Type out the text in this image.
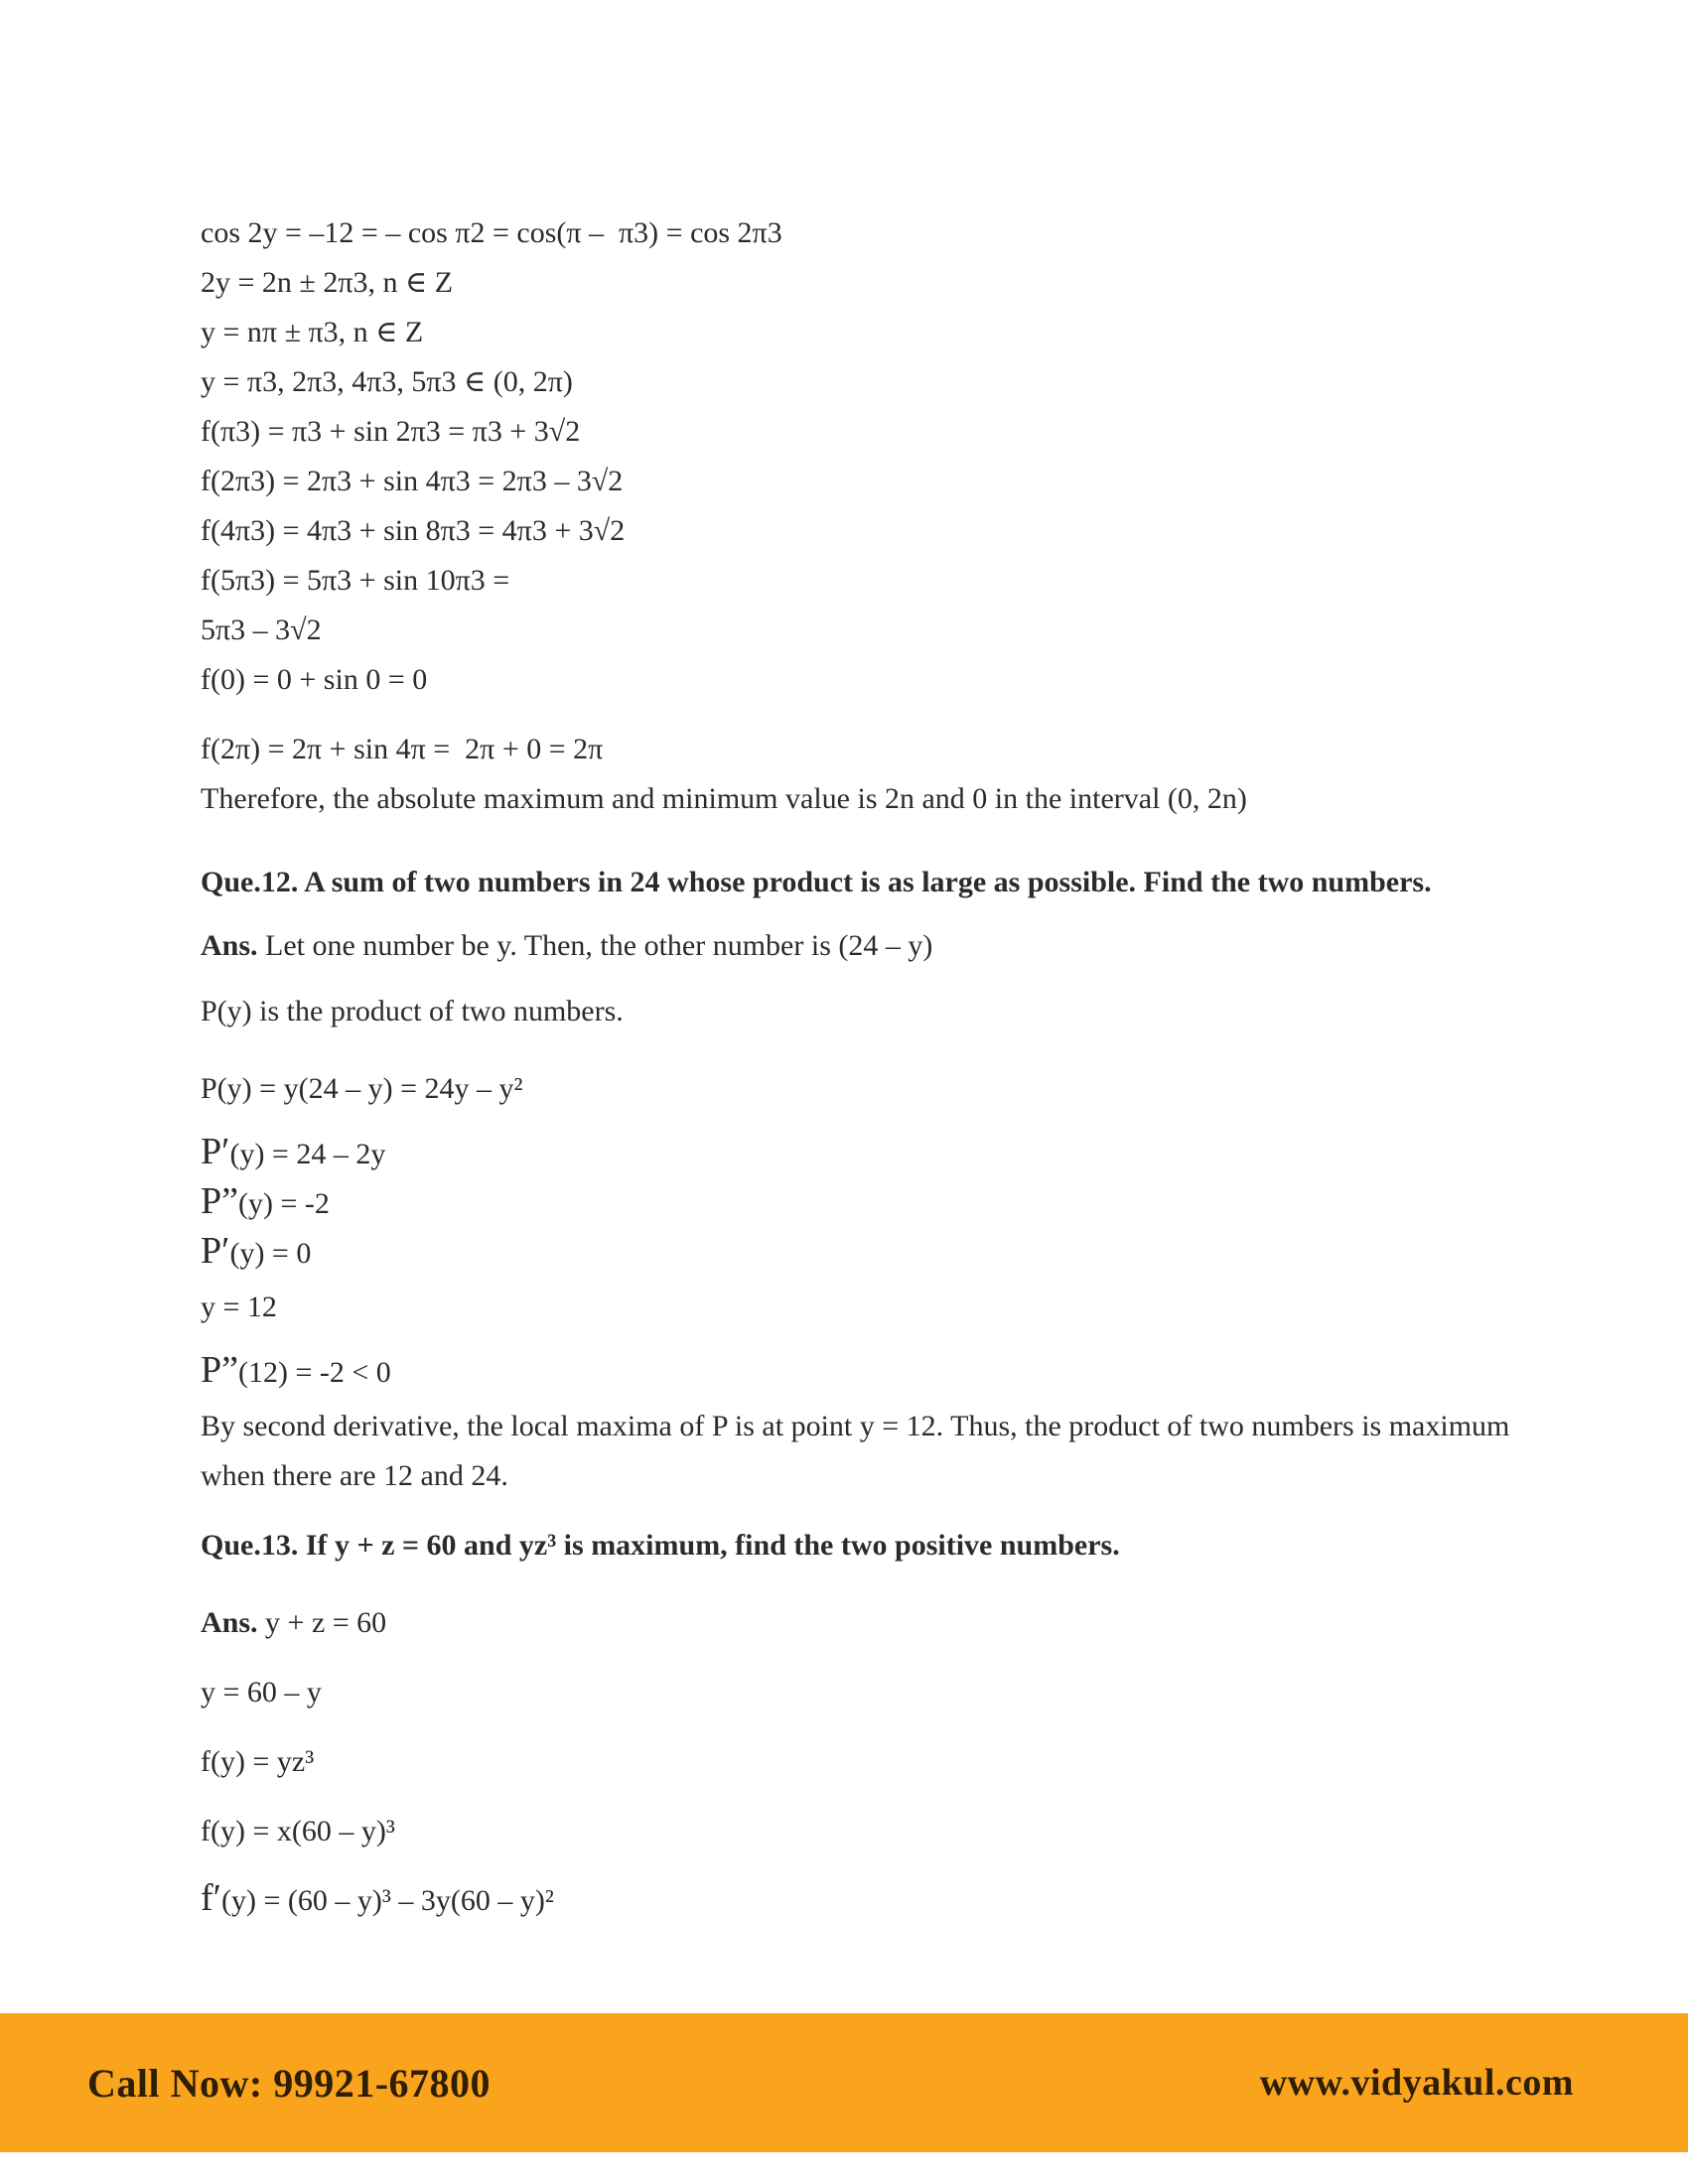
cos 2y = –12 = – cos π2 = cos(π –  π3) = cos 2π3
2y = 2n ± 2π3, n ∈ Z
y = nπ ± π3, n ∈ Z
y = π3, 2π3, 4π3, 5π3 ∈ (0, 2π)
f(π3) = π3 + sin 2π3 = π3 + 3√2
f(2π3) = 2π3 + sin 4π3 = 2π3 – 3√2
f(4π3) = 4π3 + sin 8π3 = 4π3 + 3√2
f(5π3) = 5π3 + sin 10π3 =
5π3 – 3√2
f(0) = 0 + sin 0 = 0
f(2π) = 2π + sin 4π =  2π + 0 = 2π
Therefore, the absolute maximum and minimum value is 2n and 0 in the interval (0, 2n)
Que.12. A sum of two numbers in 24 whose product is as large as possible. Find the two numbers.
Ans. Let one number be y. Then, the other number is (24 – y)
P(y) is the product of two numbers.
P(y) = y(24 – y) = 24y – y²
P′(y) = 24 – 2y
P”(y) = -2
P′(y) = 0
y = 12
P”(12) = -2 < 0
By second derivative, the local maxima of P is at point y = 12. Thus, the product of two numbers is maximum when there are 12 and 24.
Que.13. If y + z = 60 and yz³ is maximum, find the two positive numbers.
Ans. y + z = 60
y = 60 – y
f(y) = yz³
f(y) = x(60 – y)³
f′(y) = (60 – y)³ – 3y(60 – y)²
Call Now: 99921-67800	www.vidyakul.com
